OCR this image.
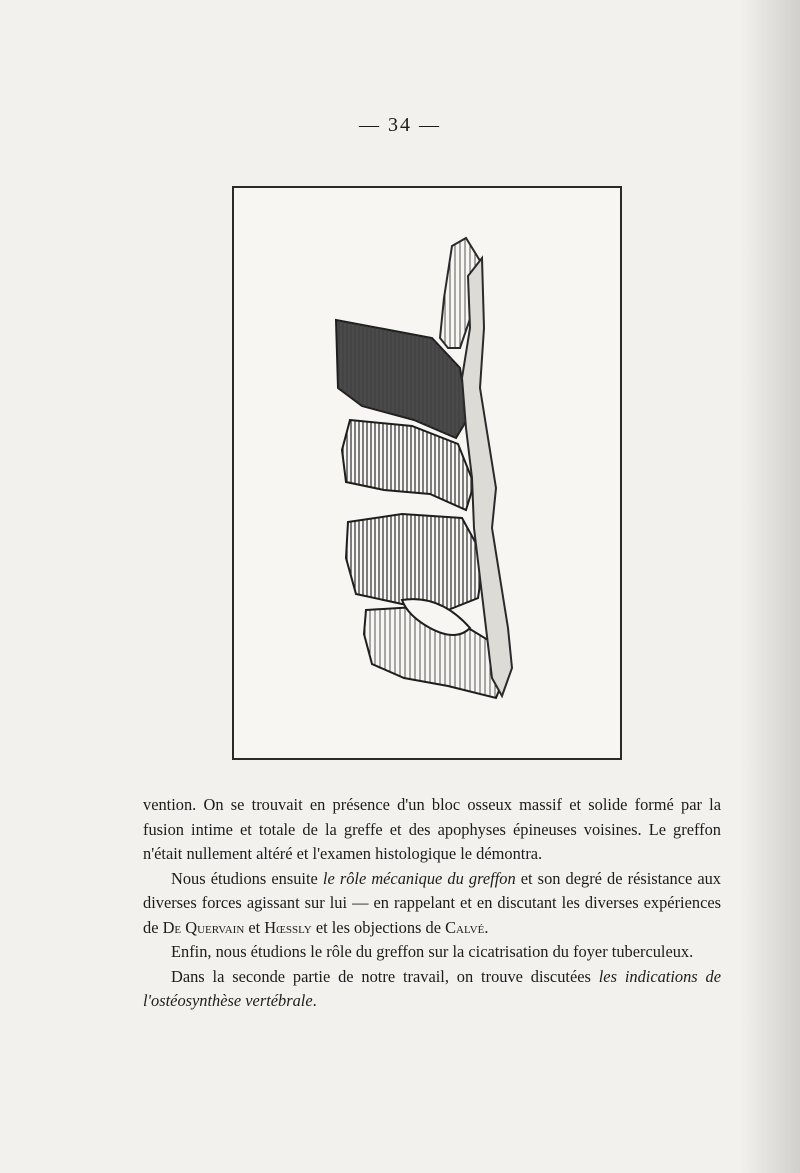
— 34 —

vention. On se trouvait en présence d'un bloc osseux massif et solide formé par la fusion intime et totale de la greffe et des apophyses épineuses voisines. Le greffon n'était nullement altéré et l'examen histologique le démontra.

Nous étudions ensuite le rôle mécanique du greffon et son degré de résistance aux diverses forces agissant sur lui — en rappelant et en discutant les diverses expériences de De Quervain et Hœssly et les objections de Calvé.

Enfin, nous étudions le rôle du greffon sur la cicatrisation du foyer tuberculeux.

Dans la seconde partie de notre travail, on trouve discutées les indications de l'ostéosynthèse vertébrale.
